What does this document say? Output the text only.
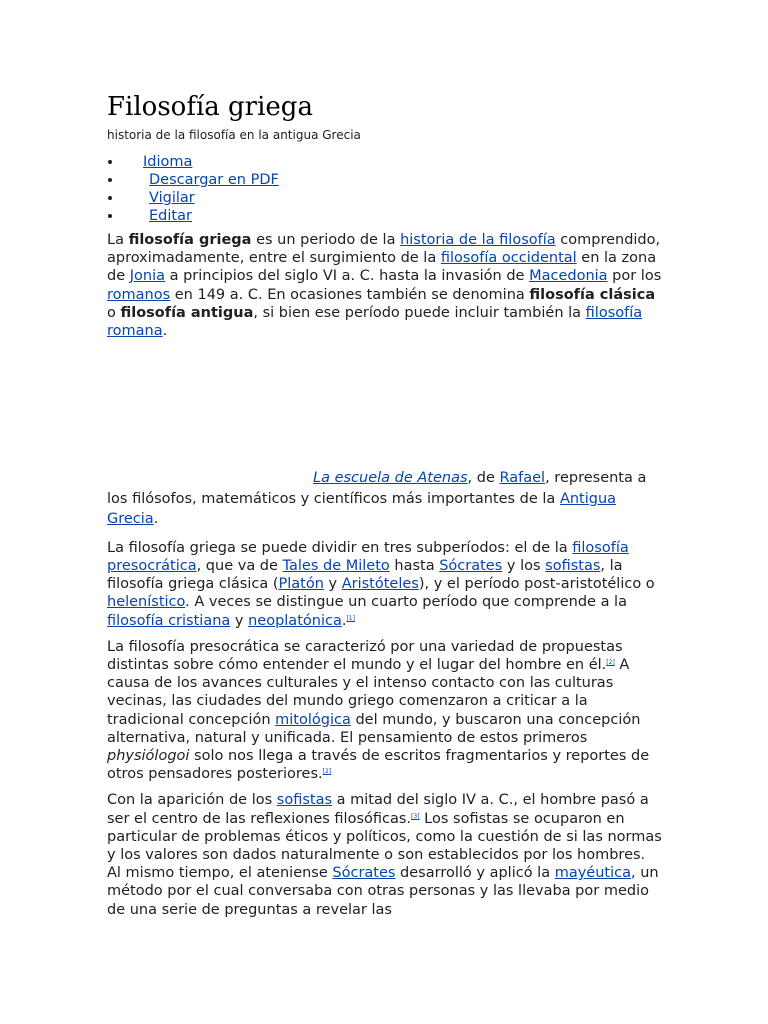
Filosofía griega
historia de la filosofía en la antigua Grecia
• Idioma
• Descargar en PDF
• Vigilar
• Editar

La filosofía griega es un periodo de la historia de la filosofía comprendido, aproximadamente, entre el surgimiento de la filosofía occidental en la zona de Jonia a principios del siglo VI a. C. hasta la invasión de Macedonia por los romanos en 149 a. C. En ocasiones también se denomina filosofía clásica o filosofía antigua, si bien ese período puede incluir también la filosofía romana.

La escuela de Atenas, de Rafael, representa a los filósofos, matemáticos y científicos más importantes de la Antigua Grecia.

La filosofía griega se puede dividir en tres subperíodos: el de la filosofía presocrática, que va de Tales de Mileto hasta Sócrates y los sofistas, la filosofía griega clásica (Platón y Aristóteles), y el período post-aristotélico o helenístico. A veces se distingue un cuarto período que comprende a la filosofía cristiana y neoplatónica.[1]

La filosofía presocrática se caracterizó por una variedad de propuestas distintas sobre cómo entender el mundo y el lugar del hombre en él.[2] A causa de los avances culturales y el intenso contacto con las culturas vecinas, las ciudades del mundo griego comenzaron a criticar a la tradicional concepción mitológica del mundo, y buscaron una concepción alternativa, natural y unificada. El pensamiento de estos primeros physiólogoi solo nos llega a través de escritos fragmentarios y reportes de otros pensadores posteriores.[2]

Con la aparición de los sofistas a mitad del siglo IV a. C., el hombre pasó a ser el centro de las reflexiones filosóficas.[3] Los sofistas se ocuparon en particular de problemas éticos y políticos, como la cuestión de si las normas y los valores son dados naturalmente o son establecidos por los hombres. Al mismo tiempo, el ateniense Sócrates desarrolló y aplicó la mayéutica, un método por el cual conversaba con otras personas y las llevaba por medio de una serie de preguntas a revelar las
